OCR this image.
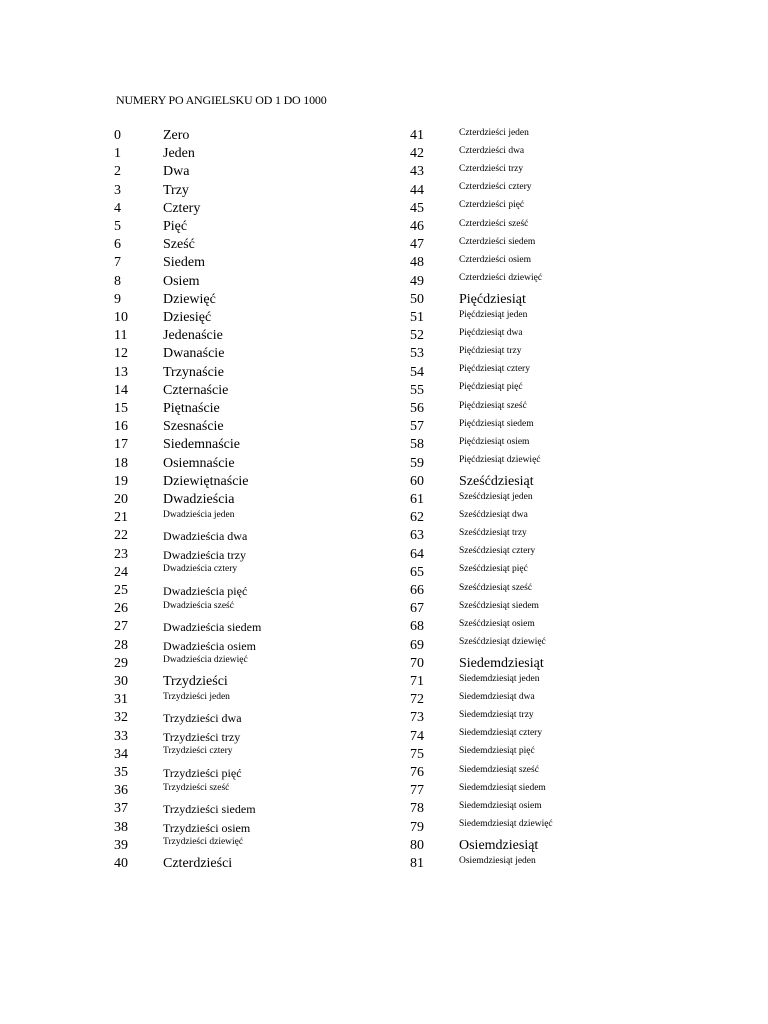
NUMERY PO ANGIELSKU OD 1 DO 1000
0	Zero
1	Jeden
2	Dwa
3	Trzy
4	Cztery
5	Pięć
6	Sześć
7	Siedem
8	Osiem
9	Dziewięć
10	Dziesięć
11	Jedenaście
12	Dwanaście
13	Trzynaście
14	Czternaście
15	Piętnaście
16	Szesnaście
17	Siedemnaście
18	Osiemnaście
19	Dziewiętnaście
20	Dwadzieścia
21	Dwadzieścia jeden
22	Dwadzieścia dwa
23	Dwadzieścia trzy
24	Dwadzieścia cztery
25	Dwadzieścia pięć
26	Dwadzieścia sześć
27	Dwadzieścia siedem
28	Dwadzieścia osiem
29	Dwadzieścia dziewięć
30	Trzydzieści
31	Trzydzieści jeden
32	Trzydzieści dwa
33	Trzydzieści trzy
34	Trzydzieści cztery
35	Trzydzieści pięć
36	Trzydzieści sześć
37	Trzydzieści siedem
38	Trzydzieści osiem
39	Trzydzieści dziewięć
40	Czterdzieści
41	Czterdzieści jeden
42	Czterdzieści dwa
43	Czterdzieści trzy
44	Czterdzieści cztery
45	Czterdzieści pięć
46	Czterdzieści sześć
47	Czterdzieści siedem
48	Czterdzieści osiem
49	Czterdzieści dziewięć
50	Pięćdziesiąt
51	Pięćdziesiąt jeden
52	Pięćdziesiąt dwa
53	Pięćdziesiąt trzy
54	Pięćdziesiąt cztery
55	Pięćdziesiąt pięć
56	Pięćdziesiąt sześć
57	Pięćdziesiąt siedem
58	Pięćdziesiąt osiem
59	Pięćdziesiąt dziewięć
60	Sześćdziesiąt
61	Sześćdziesiąt jeden
62	Sześćdziesiąt dwa
63	Sześćdziesiąt trzy
64	Sześćdziesiąt cztery
65	Sześćdziesiąt pięć
66	Sześćdziesiąt sześć
67	Sześćdziesiąt siedem
68	Sześćdziesiąt osiem
69	Sześćdziesiąt dziewięć
70	Siedemdziesiąt
71	Siedemdziesiąt jeden
72	Siedemdziesiąt dwa
73	Siedemdziesiąt trzy
74	Siedemdziesiąt cztery
75	Siedemdziesiąt pięć
76	Siedemdziesiąt sześć
77	Siedemdziesiąt siedem
78	Siedemdziesiąt osiem
79	Siedemdziesiąt dziewięć
80	Osiemdziesiąt
81	Osiemdziesiąt jeden
